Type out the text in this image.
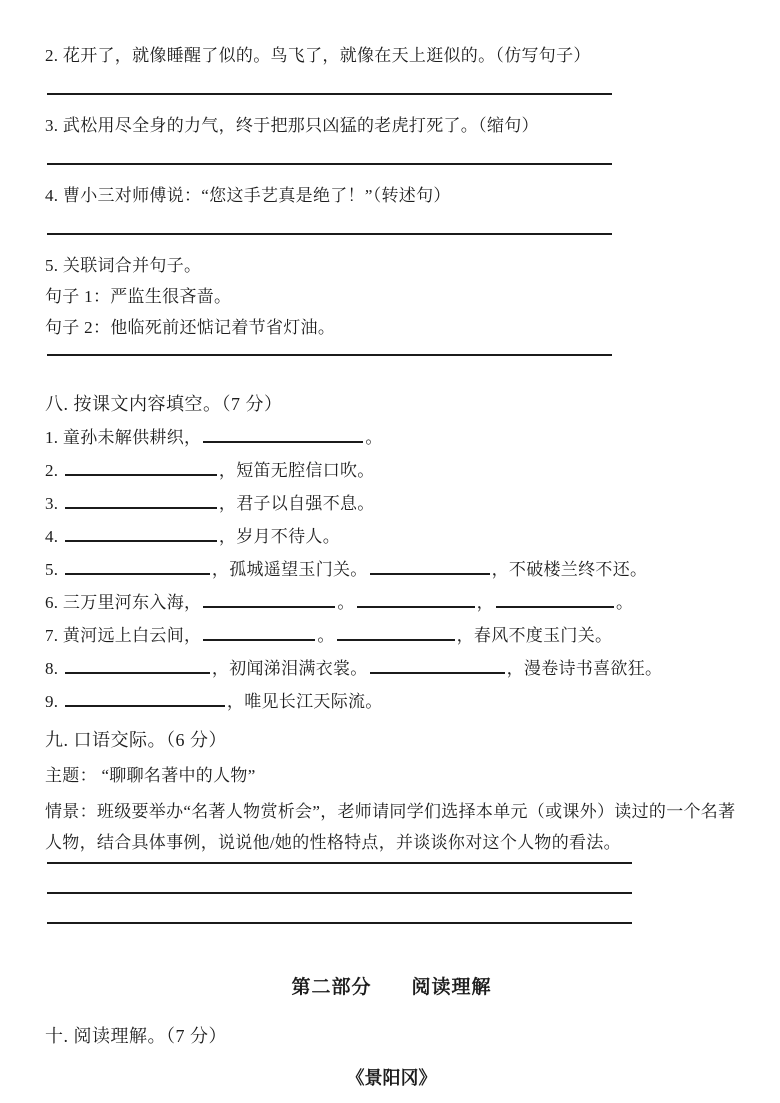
2. 花开了，就像睡醒了似的。鸟飞了，就像在天上逛似的。（仿写句子）

3. 武松用尽全身的力气，终于把那只凶猛的老虎打死了。（缩句）

4. 曹小三对师傅说：“您这手艺真是绝了！”（转述句）

5. 关联词合并句子。

句子 1：严监生很吝啬。

句子 2：他临死前还惦记着节省灯油。

八. 按课文内容填空。（7 分）

1. 童孙未解供耕织，	。

2.	，短笛无腔信口吹。

3.	，君子以自强不息。

4.	，岁月不待人。

5.	，孤城遥望玉门关。	，不破楼兰终不还。

6. 三万里河东入海，	。	，	。

7. 黄河远上白云间，	。	，春风不度玉门关。

8.	，初闻涕泪满衣裳。	，漫卷诗书喜欲狂。

9.	，唯见长江天际流。

九. 口语交际。（6 分）

主题： “聊聊名著中的人物”

情景：班级要举办“名著人物赏析会”，老师请同学们选择本单元（或课外）读过的一个名著人物，结合具体事例，说说他/她的性格特点，并谈谈你对这个人物的看法。

第二部分　　阅读理解
十. 阅读理解。（7 分）
《景阳冈》
